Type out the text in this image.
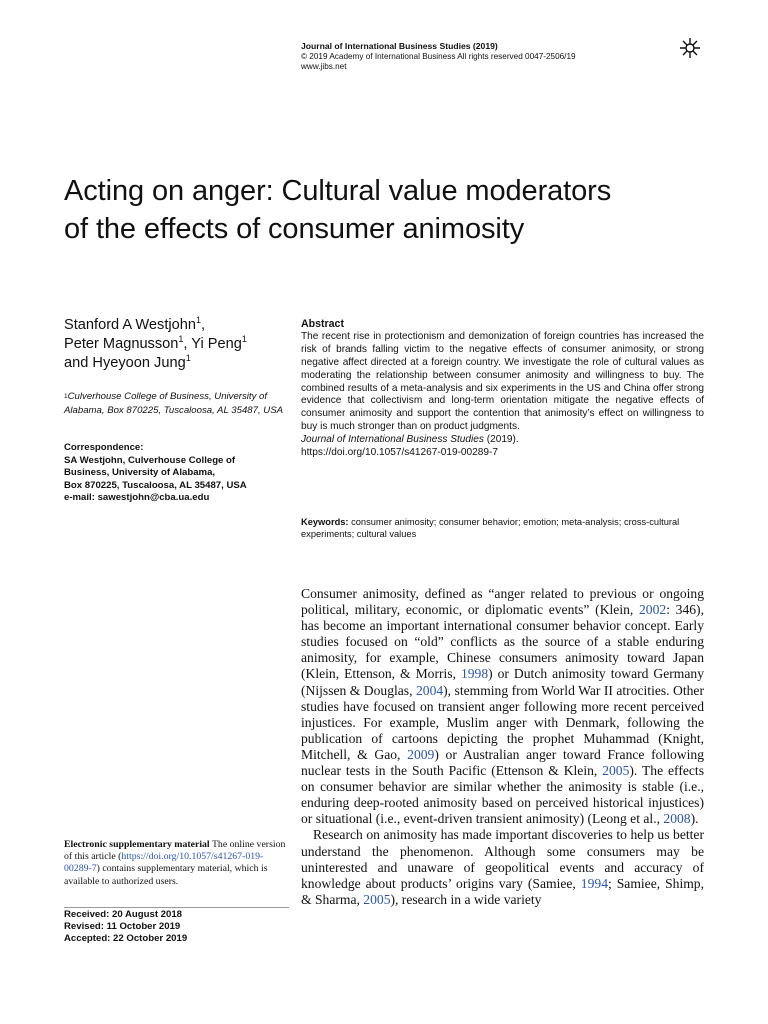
Journal of International Business Studies (2019)
© 2019 Academy of International Business All rights reserved 0047-2506/19
www.jibs.net
Acting on anger: Cultural value moderators
of the effects of consumer animosity
Stanford A Westjohn$^1$,
Peter Magnusson$^1$, Yi Peng$^1$
and Hyeyoon Jung$^1$
$^1$Culverhouse College of Business, University of Alabama, Box 870225, Tuscaloosa, AL 35487, USA
Correspondence:
SA Westjohn, Culverhouse College of
Business, University of Alabama,
Box 870225, Tuscaloosa, AL 35487, USA
e-mail: sawestjohn@cba.ua.edu
Abstract
The recent rise in protectionism and demonization of foreign countries has increased the risk of brands falling victim to the negative effects of consumer animosity, or strong negative affect directed at a foreign country. We investigate the role of cultural values as moderating the relationship between consumer animosity and willingness to buy. The combined results of a meta-analysis and six experiments in the US and China offer strong evidence that collectivism and long-term orientation mitigate the negative effects of consumer animosity and support the contention that animosity’s effect on willingness to buy is much stronger than on product judgments.
Journal of International Business Studies (2019).
https://doi.org/10.1057/s41267-019-00289-7
Keywords: consumer animosity; consumer behavior; emotion; meta-analysis; cross-cultural experiments; cultural values

Consumer animosity, defined as “anger related to previous or ongoing political, military, economic, or diplomatic events” (Klein, 2002: 346), has become an important international consumer behavior concept. Early studies focused on “old” conflicts as the source of a stable enduring animosity, for example, Chinese consumers animosity toward Japan (Klein, Ettenson, & Morris, 1998) or Dutch animosity toward Germany (Nijssen & Douglas, 2004), stemming from World War II atrocities. Other studies have focused on transient anger following more recent perceived injustices. For example, Muslim anger with Denmark, following the publication of cartoons depicting the prophet Muhammad (Knight, Mitchell, & Gao, 2009) or Australian anger toward France following nuclear tests in the South Pacific (Ettenson & Klein, 2005). The effects on consumer behavior are similar whether the animosity is stable (i.e., enduring deep-rooted animosity based on perceived historical injustices) or situational (i.e., event-driven transient animosity) (Leong et al., 2008).

Research on animosity has made important discoveries to help us better understand the phenomenon. Although some consumers may be uninterested and unaware of geopolitical events and accuracy of knowledge about products’ origins vary (Samiee, 1994; Samiee, Shimp, & Sharma, 2005), research in a wide variety

Electronic supplementary material The online version of this article (https://doi.org/10.1057/s41267-019-00289-7) contains supplementary material, which is available to authorized users.
Received: 20 August 2018
Revised: 11 October 2019
Accepted: 22 October 2019
